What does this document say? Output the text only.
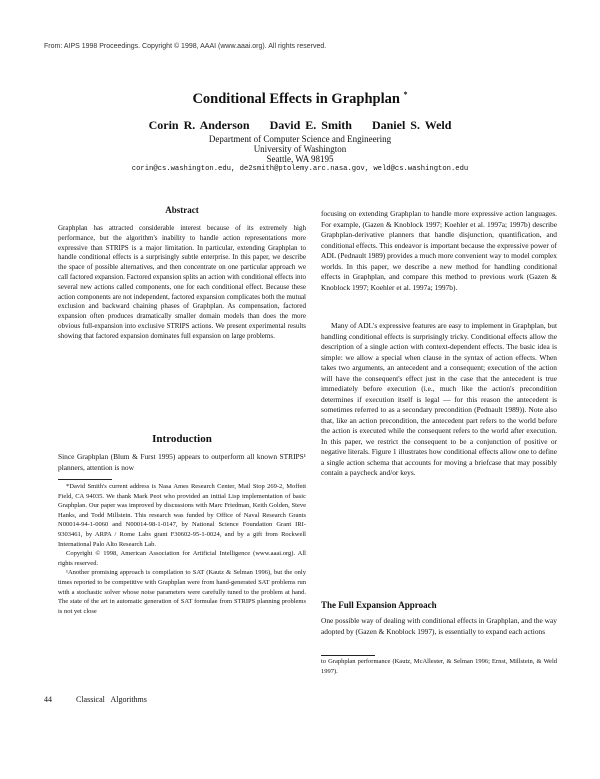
From: AIPS 1998 Proceedings. Copyright © 1998, AAAI (www.aaai.org). All rights reserved.
Conditional Effects in Graphplan *
Corin R. Anderson    David E. Smith    Daniel S. Weld
Department of Computer Science and Engineering
University of Washington
Seattle, WA 98195
corin@cs.washington.edu, de2smith@ptolemy.arc.nasa.gov, weld@cs.washington.edu
Abstract

Graphplan has attracted considerable interest because of its extremely high performance, but the algorithm's inability to handle action representations more expressive than STRIPS is a major limitation. In particular, extending Graphplan to handle conditional effects is a surprisingly subtle enterprise. In this paper, we describe the space of possible alternatives, and then concentrate on one particular approach we call factored expansion. Factored expansion splits an action with conditional effects into several new actions called components, one for each conditional effect. Because these action components are not independent, factored expansion complicates both the mutual exclusion and backward chaining phases of Graphplan. As compensation, factored expansion often produces dramatically smaller domain models than does the more obvious full-expansion into exclusive STRIPS actions. We present experimental results showing that factored expansion dominates full expansion on large problems.

Introduction

Since Graphplan (Blum & Furst 1995) appears to outperform all known STRIPS¹ planners, attention is now

*David Smith's current address is Nasa Ames Research Center, Mail Stop 269-2, Moffett Field, CA 94035. We thank Mark Peot who provided an initial Lisp implementation of basic Graphplan. Our paper was improved by discussions with Marc Friedman, Keith Golden, Steve Hanks, and Todd Millstein. This research was funded by Office of Naval Research Grants N00014-94-1-0060 and N00014-98-1-0147, by National Science Foundation Grant IRI-9303461, by ARPA / Rome Labs grant F30602-95-1-0024, and by a gift from Rockwell International Palo Alto Research Lab.

Copyright © 1998, American Association for Artificial Intelligence (www.aaai.org). All rights reserved.

¹Another promising approach is compilation to SAT (Kautz & Selman 1996), but the only times reported to be competitive with Graphplan were from hand-generated SAT problems run with a stochastic solver whose noise parameters were carefully tuned to the problem at hand. The state of the art in automatic generation of SAT formulae from STRIPS planning problems is not yet close

focusing on extending Graphplan to handle more expressive action languages. For example, (Gazen & Knoblock 1997; Koehler et al. 1997a; 1997b) describe Graphplan-derivative planners that handle disjunction, quantification, and conditional effects. This endeavor is important because the expressive power of ADL (Pednault 1989) provides a much more convenient way to model complex worlds. In this paper, we describe a new method for handling conditional effects in Graphplan, and compare this method to previous work (Gazen & Knoblock 1997; Koehler et al. 1997a; 1997b).

Many of ADL's expressive features are easy to implement in Graphplan, but handling conditional effects is surprisingly tricky. Conditional effects allow the description of a single action with context-dependent effects. The basic idea is simple: we allow a special when clause in the syntax of action effects. When takes two arguments, an antecedent and a consequent; execution of the action will have the consequent's effect just in the case that the antecedent is true immediately before execution (i.e., much like the action's precondition determines if execution itself is legal — for this reason the antecedent is sometimes referred to as a secondary precondition (Pednault 1989)). Note also that, like an action precondition, the antecedent part refers to the world before the action is executed while the consequent refers to the world after execution. In this paper, we restrict the consequent to be a conjunction of positive or negative literals. Figure 1 illustrates how conditional effects allow one to define a single action schema that accounts for moving a briefcase that may possibly contain a paycheck and/or keys.

The Full Expansion Approach

One possible way of dealing with conditional effects in Graphplan, and the way adopted by (Gazen & Knoblock 1997), is essentially to expand each actions

to Graphplan performance (Kautz, McAllester, & Selman 1996; Ernst, Millstein, & Weld 1997).

44	Classical Algorithms
